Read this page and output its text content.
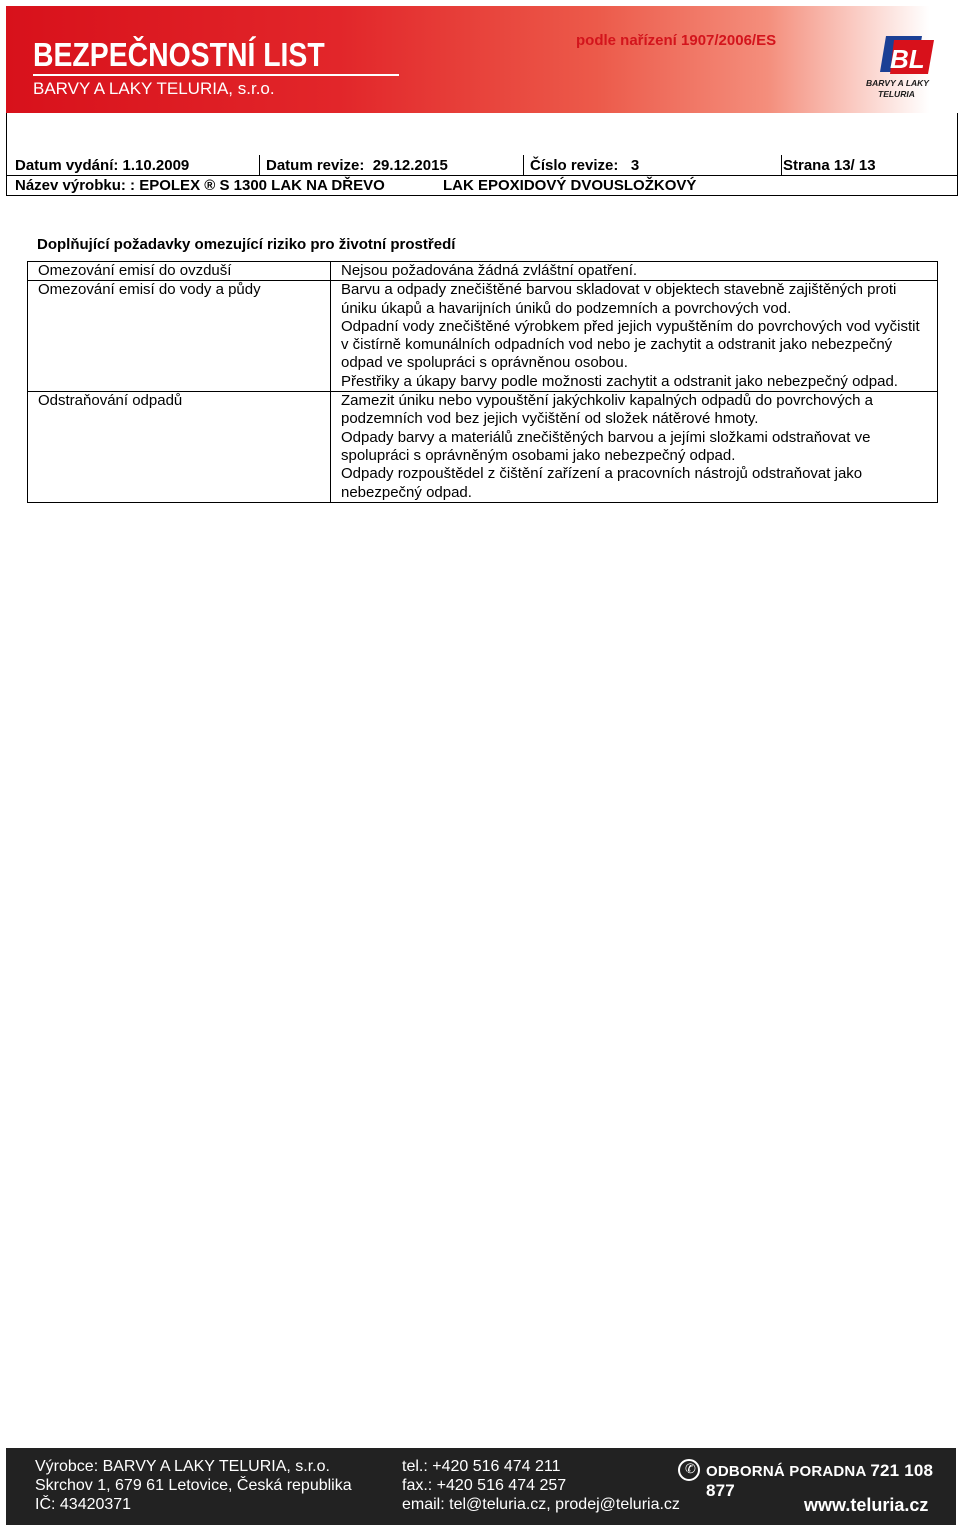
BEZPEČNOSTNÍ LIST
BARVY A LAKY TELURIA, s.r.o.
podle nařízení 1907/2006/ES
BL
BARVY A LAKY
TELURIA
Datum vydání: 1.10.2009	Datum revize: 29.12.2015	Číslo revize: 3	Strana 13/ 13
Název výrobku: : EPOLEX ® S 1300 LAK NA DŘEVO	LAK EPOXIDOVÝ DVOUSLOŽKOVÝ
Doplňující požadavky omezující riziko pro životní prostředí
Omezování emisí do ovzduší	Nejsou požadována žádná zvláštní opatření.

Omezování emisí do vody a půdy	Barvu a odpady znečištěné barvou skladovat v objektech stavebně zajištěných proti úniku úkapů a havarijních úniků do podzemních a povrchových vod.

Odpadní vody znečištěné výrobkem před jejich vypuštěním do povrchových vod vyčistit v čistírně komunálních odpadních vod nebo je zachytit a odstranit jako nebezpečný odpad ve spolupráci s oprávněnou osobou.

Přestřiky a úkapy barvy podle možnosti zachytit a odstranit jako nebezpečný odpad.

Odstraňování odpadů	Zamezit úniku nebo vypouštění jakýchkoliv kapalných odpadů do povrchových a podzemních vod bez jejich vyčištění od složek nátěrové hmoty.

Odpady barvy a materiálů znečištěných barvou a jejími složkami odstraňovat ve spolupráci s oprávněným osobami jako nebezpečný odpad.

Odpady rozpouštědel z čištění zařízení a pracovních nástrojů odstraňovat jako nebezpečný odpad.

Výrobce: BARVY A LAKY TELURIA, s.r.o.
Skrchov 1, 679 61 Letovice, Česká republika
IČ: 43420371
tel.: +420 516 474 211
fax.: +420 516 474 257
email: tel@teluria.cz, prodej@teluria.cz
✆ ODBORNÁ PORADNA 721 108 877
www.teluria.cz
